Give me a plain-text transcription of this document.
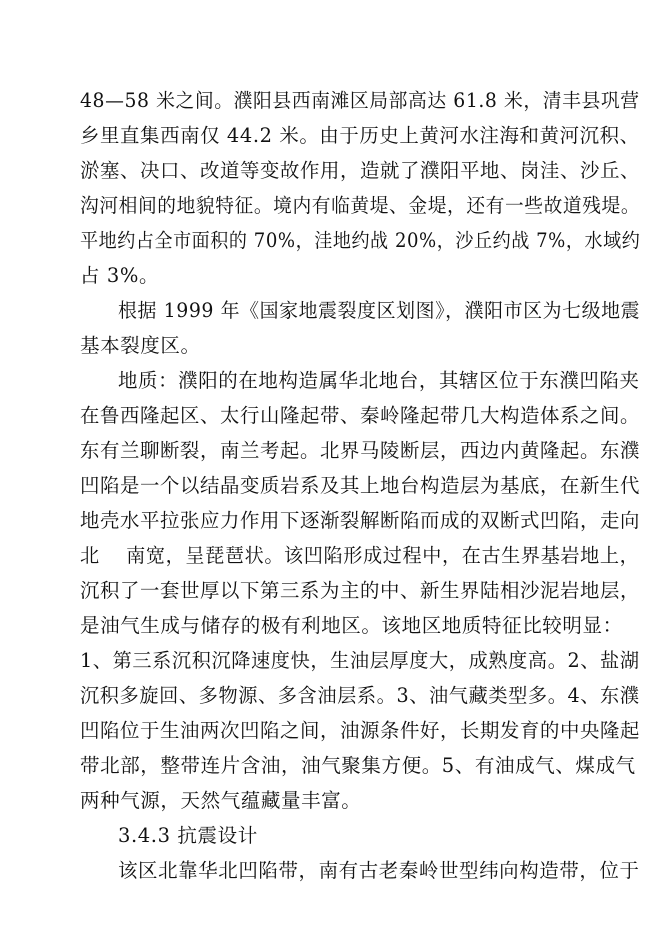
48—58 米之间。濮阳县西南滩区局部高达 61.8 米，清丰县巩营
乡里直集西南仅 44.2 米。由于历史上黄河水注海和黄河沉积、
淤塞、决口、改道等变故作用，造就了濮阳平地、岗洼、沙丘、
沟河相间的地貌特征。境内有临黄堤、金堤，还有一些故道残堤。
平地约占全市面积的 70%，洼地约战 20%，沙丘约战 7%，水域约
占 3%。
根据 1999 年《国家地震裂度区划图》，濮阳市区为七级地震
基本裂度区。
地质：濮阳的在地构造属华北地台，其辖区位于东濮凹陷夹
在鲁西隆起区、太行山隆起带、秦岭隆起带几大构造体系之间。
东有兰聊断裂，南兰考起。北界马陵断层，西边内黄隆起。东濮
凹陷是一个以结晶变质岩系及其上地台构造层为基底，在新生代
地壳水平拉张应力作用下逐渐裂解断陷而成的双断式凹陷，走向
北　 南宽，呈琵琶状。该凹陷形成过程中，在古生界基岩地上，
沉积了一套世厚以下第三系为主的中、新生界陆相沙泥岩地层，
是油气生成与储存的极有利地区。该地区地质特征比较明显：
1、第三系沉积沉降速度快，生油层厚度大，成熟度高。2、盐湖
沉积多旋回、多物源、多含油层系。3、油气藏类型多。4、东濮
凹陷位于生油两次凹陷之间，油源条件好，长期发育的中央隆起
带北部，整带连片含油，油气聚集方便。5、有油成气、煤成气
两种气源，天然气蕴藏量丰富。
3.4.3 抗震设计
该区北靠华北凹陷带，南有古老秦岭世型纬向构造带，位于
